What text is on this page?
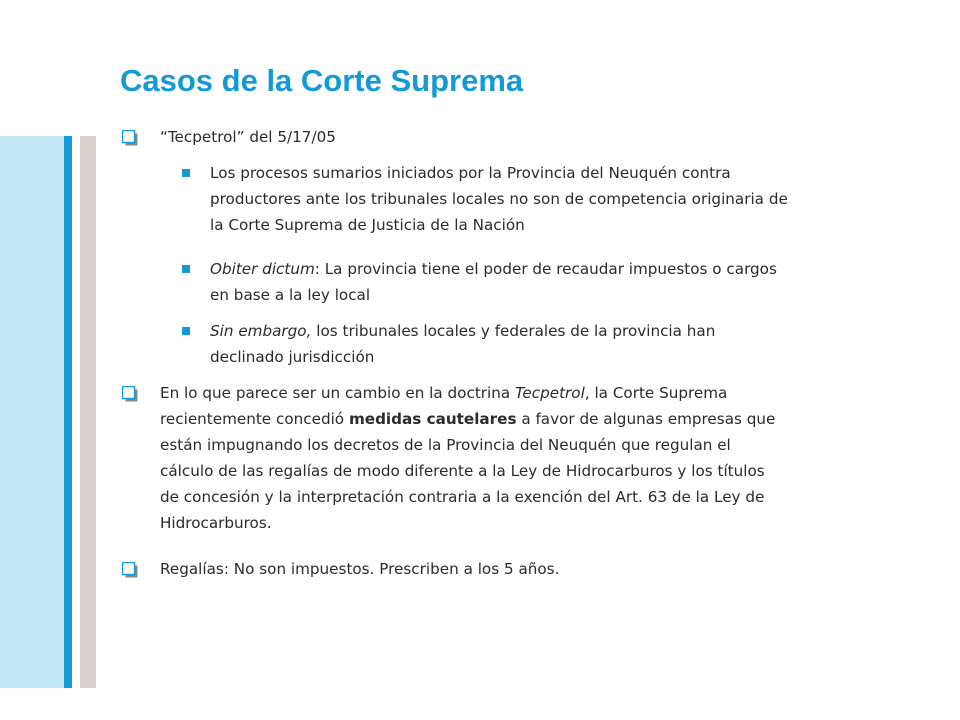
Casos de la Corte Suprema
“Tecpetrol” del 5/17/05
Los procesos sumarios iniciados por la Provincia del Neuquén contra
productores ante los tribunales locales no son de competencia originaria de
la Corte Suprema de Justicia de la Nación
Obiter dictum: La provincia tiene el poder de recaudar impuestos o cargos
en base a la ley local
Sin embargo, los tribunales locales y federales de la provincia han
declinado jurisdicción
En lo que parece ser un cambio en la doctrina Tecpetrol, la Corte Suprema
recientemente concedió medidas cautelares a favor de algunas empresas que
están impugnando los decretos de la Provincia del Neuquén que regulan el
cálculo de las regalías de modo diferente a la Ley de Hidrocarburos y los títulos
de concesión y la interpretación contraria a la exención del Art. 63 de la Ley de
Hidrocarburos.
Regalías: No son impuestos. Prescriben a los 5 años.
